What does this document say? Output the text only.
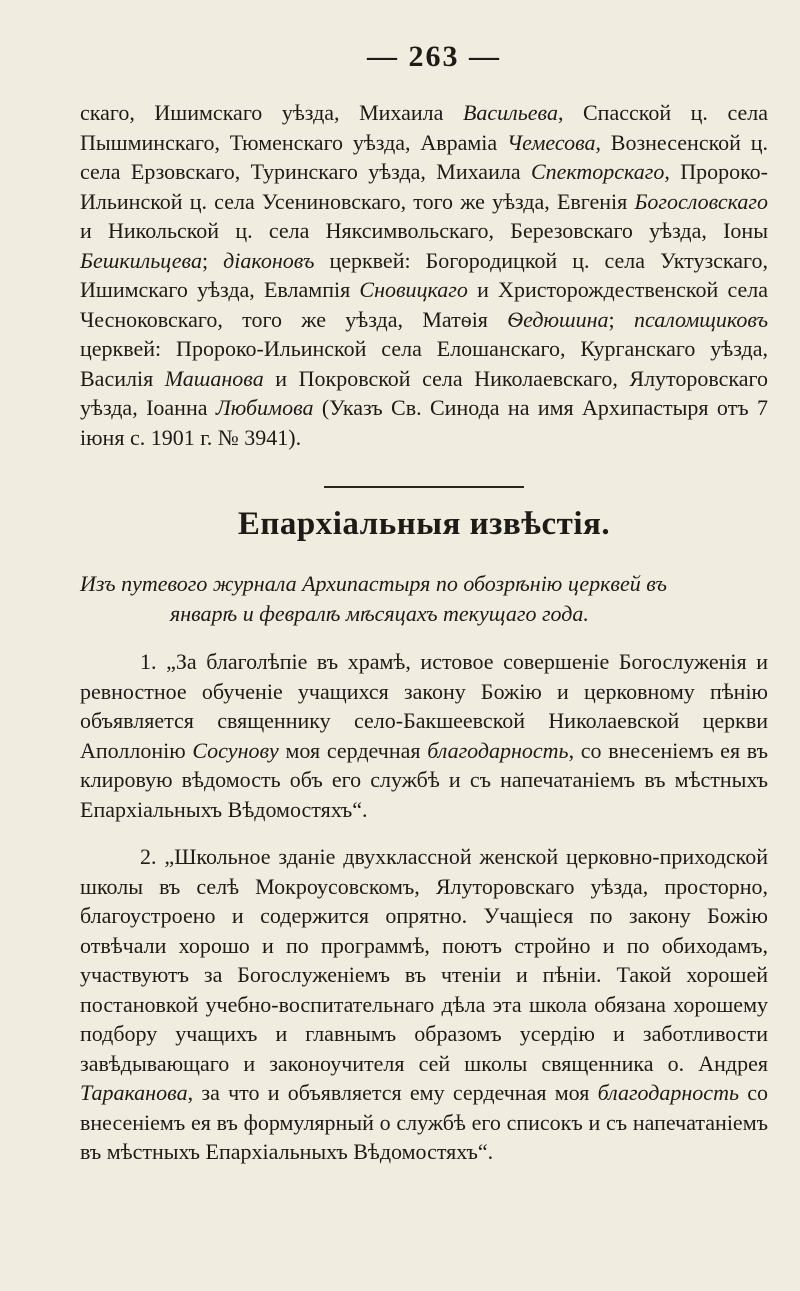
— 263 —

скаго, Ишимскаго уѣзда, Михаила Васильева, Спасской ц. села Пышминскаго, Тюменскаго уѣзда, Авраміа Чемесова, Вознесенской ц. села Ерзовскаго, Туринскаго уѣзда, Михаила Спекторскаго, Пророко-Ильинской ц. села Усениновскаго, того же уѣзда, Евгенія Богословскаго и Никольской ц. села Няксимвольскаго, Березовскаго уѣзда, Іоны Бешкильцева; діаконовъ церквей: Богородицкой ц. села Уктузскаго, Ишимскаго уѣзда, Евлампія Сновицкаго и Христорождественской села Чесноковскаго, того же уѣзда, Матѳія Ѳедюшина; псаломщиковъ церквей: Пророко-Ильинской села Елошанскаго, Курганскаго уѣзда, Василія Машанова и Покровской села Николаевскаго, Ялуторовскаго уѣзда, Іоанна Любимова (Указъ Св. Синода на имя Архипастыря отъ 7 іюня с. 1901 г. № 3941).

Епархіальныя извѣстія.

Изъ путевого журнала Архипастыря по обозрѣнію церквей въ
январѣ и февралѣ мѣсяцахъ текущаго года.

1. „За благолѣпіе въ храмѣ, истовое совершеніе Богослуженія и ревностное обученіе учащихся закону Божію и церковному пѣнію объявляется священнику село-Бакшеевской Николаевской церкви Аполлонію Сосунову моя сердечная благодарность, со внесеніемъ ея въ клировую вѣдомость объ его службѣ и съ напечатаніемъ въ мѣстныхъ Епархіальныхъ Вѣдомостяхъ“.

2. „Школьное зданіе двухклассной женской церковно-приходской школы въ селѣ Мокроусовскомъ, Ялуторовскаго уѣзда, просторно, благоустроено и содержится опрятно. Учащіеся по закону Божію отвѣчали хорошо и по программѣ, поютъ стройно и по обиходамъ, участвуютъ за Богослуженіемъ въ чтеніи и пѣніи. Такой хорошей постановкой учебно-воспитательнаго дѣла эта школа обязана хорошему подбору учащихъ и главнымъ образомъ усердію и заботливости завѣдывающаго и законоучителя сей школы священника о. Андрея Таракановa, за что и объявляется ему сердечная моя благодарность со внесеніемъ ея въ формулярный о службѣ его списокъ и съ напечатаніемъ въ мѣстныхъ Епархіальныхъ Вѣдомостяхъ“.
